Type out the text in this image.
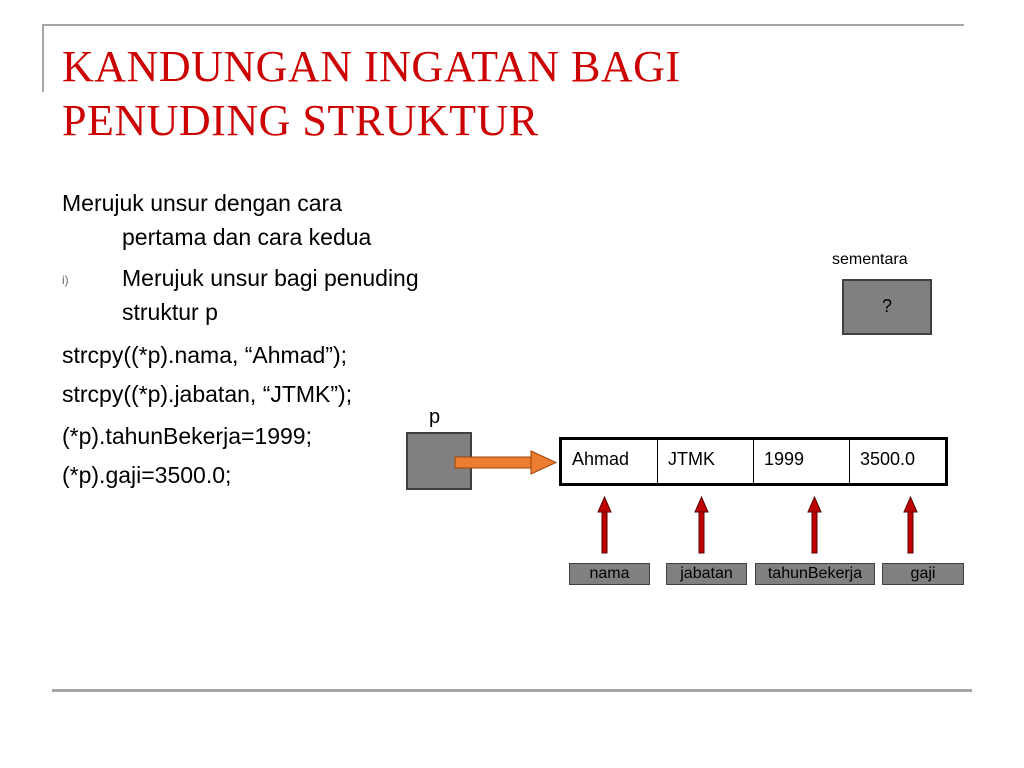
KANDUNGAN INGATAN BAGI
PENUDING STRUKTUR
Merujuk unsur dengan cara
pertama dan cara kedua
i)	Merujuk unsur bagi penuding
struktur p
strcpy((*p).nama, “Ahmad”);
strcpy((*p).jabatan, “JTMK”);
(*p).tahunBekerja=1999;
(*p).gaji=3500.0;
sementara
?
p
Ahmad	JTMK	1999	3500.0
nama	jabatan	tahunBekerja	gaji
